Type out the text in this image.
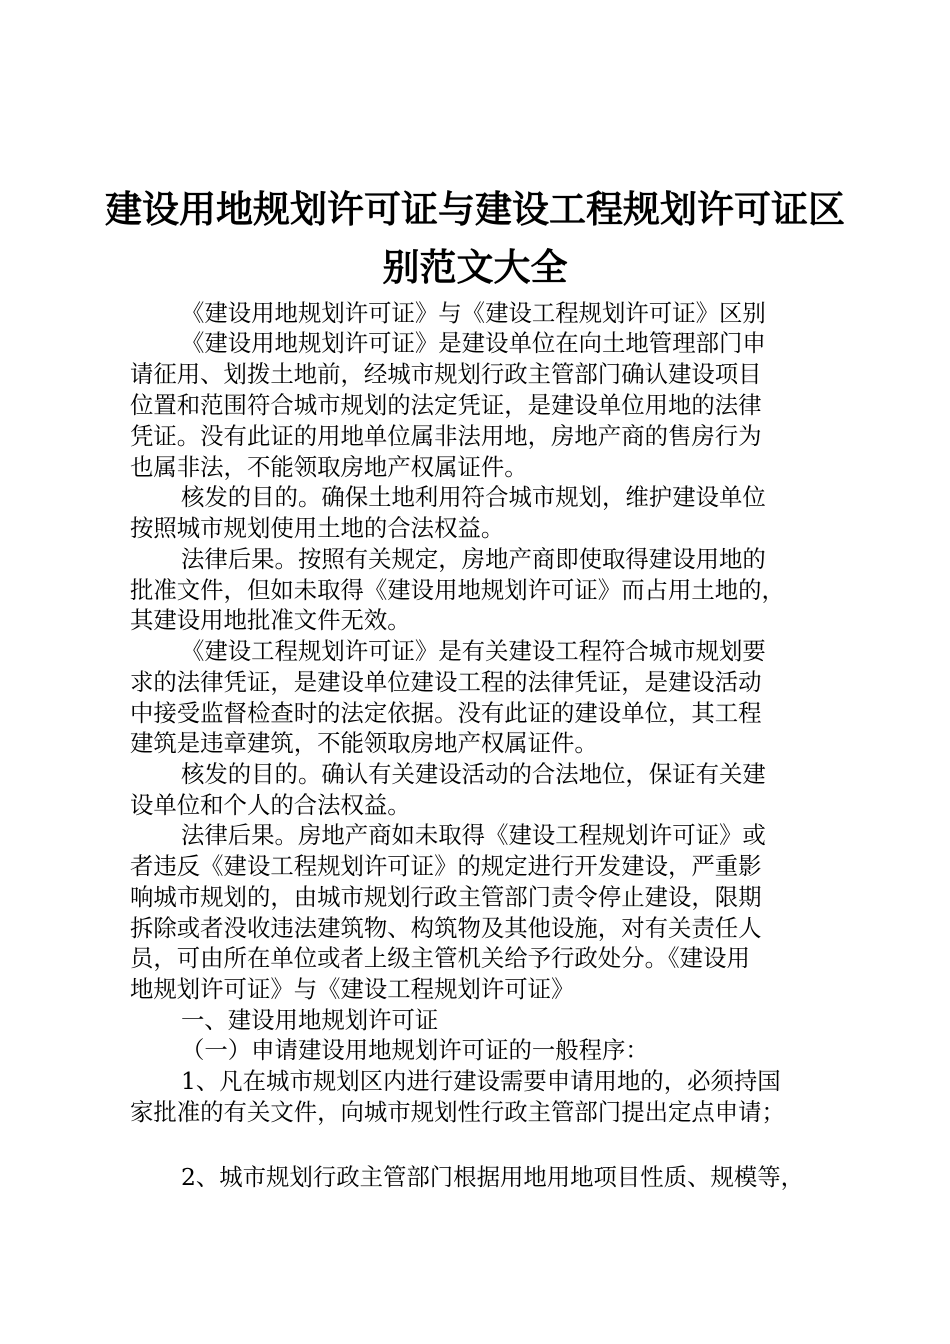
建设用地规划许可证与建设工程规划许可证区
别范文大全

《建设用地规划许可证》与《建设工程规划许可证》区别

《建设用地规划许可证》是建设单位在向土地管理部门申

请征用、划拨土地前，经城市规划行政主管部门确认建设项目

位置和范围符合城市规划的法定凭证，是建设单位用地的法律

凭证。没有此证的用地单位属非法用地，房地产商的售房行为

也属非法，不能领取房地产权属证件。

核发的目的。确保土地利用符合城市规划，维护建设单位

按照城市规划使用土地的合法权益。

法律后果。按照有关规定，房地产商即使取得建设用地的

批准文件，但如未取得《建设用地规划许可证》而占用土地的，

其建设用地批准文件无效。

《建设工程规划许可证》是有关建设工程符合城市规划要

求的法律凭证，是建设单位建设工程的法律凭证，是建设活动

中接受监督检查时的法定依据。没有此证的建设单位，其工程

建筑是违章建筑，不能领取房地产权属证件。

核发的目的。确认有关建设活动的合法地位，保证有关建

设单位和个人的合法权益。

法律后果。房地产商如未取得《建设工程规划许可证》或

者违反《建设工程规划许可证》的规定进行开发建设，严重影

响城市规划的，由城市规划行政主管部门责令停止建设，限期

拆除或者没收违法建筑物、构筑物及其他设施，对有关责任人

员，可由所在单位或者上级主管机关给予行政处分。《建设用

地规划许可证》与《建设工程规划许可证》

一、建设用地规划许可证

（一）申请建设用地规划许可证的一般程序：

1、凡在城市规划区内进行建设需要申请用地的，必须持国

家批准的有关文件，向城市规划性行政主管部门提出定点申请；

2、城市规划行政主管部门根据用地用地项目性质、规模等，
